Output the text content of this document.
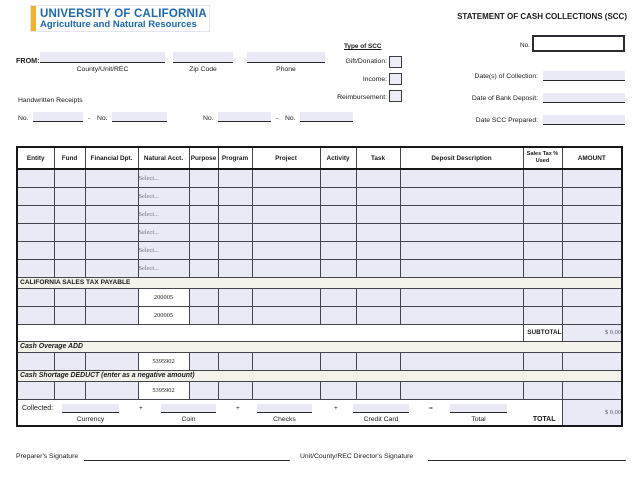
UNIVERSITY OF CALIFORNIA
Agriculture and Natural Resources
STATEMENT OF CASH COLLECTIONS (SCC)
Type of SCC	No.
FROM:
County/Unit/REC	Zip Code	Phone
Gift/Donation:
Income:
Reimbursement:
Date(s) of Collection:
Date of Bank Deposit:
Date SCC Prepared:
Handwritten Receipts
No.	- No.	No.	- No.
Entity	Fund	Financial Dpt.	Natural Acct.	Purpose	Program	Project	Activity	Task	Deposit Description	Sales Tax % Used	AMOUNT
			Select...								
			Select...								
			Select...								
			Select...								
			Select...								
			Select...								
CALIFORNIA SALES TAX PAYABLE											
			200005								
			200005								
										SUBTOTAL	$ 0.00
Cash Overage ADD											
			5395902								
Cash Shortage DEDUCT (enter as a negative amount)											
			5395902								

Collected:	+	+	+	=
Currency	Coin	Checks	Credit Card	Total	TOTAL
	$ 0.00
Preparer's Signature	Unit/County/REC Director's Signature
